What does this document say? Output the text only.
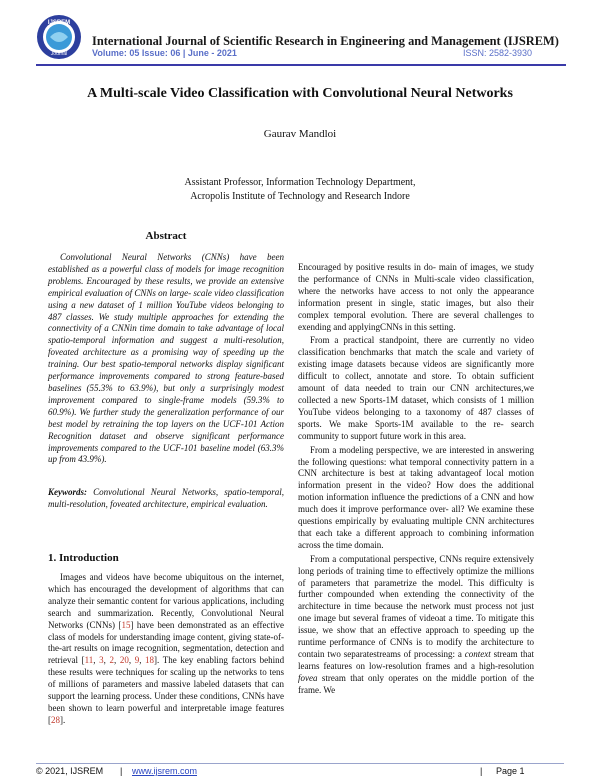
IJSREM
Journal
International Journal of Scientific Research in Engineering and Management (IJSREM)
Volume: 05 Issue: 06 | June - 2021	ISSN: 2582-3930
A Multi-scale Video Classification with Convolutional Neural Networks
Gaurav Mandloi
Assistant Professor, Information Technology Department,
Acropolis Institute of Technology and Research Indore
Abstract
Convolutional Neural Networks (CNNs) have been established as a powerful class of models for image recognition problems. Encouraged by these results, we provide an extensive empirical evaluation of CNNs on large- scale video classification using a new dataset of 1 million YouTube videos belonging to 487 classes. We study multiple approaches for extending the connectivity of a CNNin time domain to take advantage of local spatio-temporal information and suggest a multi-resolution, foveated architecture as a promising way of speeding up the training. Our best spatio-temporal networks display significant performance improvements compared to strong feature-based baselines (55.3% to 63.9%), but only a surprisingly modest improvement compared to single-frame models (59.3% to 60.9%). We further study the generalization performance of our best model by retraining the top layers on the UCF-101 Action Recognition dataset and observe significant performance improvements compared to the UCF-101 baseline model (63.3% up from 43.9%).
Keywords: Convolutional Neural Networks, spatio-temporal, multi-resolution, foveated architecture, empirical evaluation.
1. Introduction
Images and videos have become ubiquitous on the internet, which has encouraged the development of algorithms that can analyze their semantic content for various applications, including search and summarization. Recently, Convolutional Neural Networks (CNNs) [15] have been demonstrated as an effective class of models for understanding image content, giving state-of-the-art results on image recognition, segmentation, detection and retrieval [11, 3, 2, 20, 9, 18]. The key enabling factors behind these results were techniques for scaling up the networks to tens of millions of parameters and massive labeled datasets that can support the learning process. Under these conditions, CNNs have been shown to learn powerful and interpretable image features [28].

Encouraged by positive results in do- main of images, we study the performance of CNNs in Multi-scale video classification, where the networks have access to not only the appearance information present in single, static images, but also their complex temporal evolution. There are several challenges to exending and applyingCNNs in this setting.

From a practical standpoint, there are currently no video classification benchmarks that match the scale and variety of existing image datasets because videos are significantly more difficult to collect, annotate and store. To obtain sufficient amount of data needed to train our CNN architectures,we collected a new Sports-1M dataset, which consists of 1 million YouTube videos belonging to a taxonomy of 487 classes of sports. We make Sports-1M available to the re- search community to support future work in this area.

From a modeling perspective, we are interested in answering the following questions: what temporal connectivity pattern in a CNN architecture is best at taking advantageof local motion information present in the video? How does the additional motion information influence the predictions of a CNN and how much does it improve performance over- all? We examine these questions empirically by evaluating multiple CNN architectures that each take a different approach to combining information across the time domain.

From a computational perspective, CNNs require extensively long periods of training time to effectively optimize the millions of parameters that parametrize the model. This difficulty is further compounded when extending the connectivity of the architecture in time because the network must process not just one image but several frames of videoat a time. To mitigate this issue, we show that an effective approach to speeding up the runtime performance of CNNs is to modify the architecture to contain two separatestreams of processing: a context stream that learns features on low-resolution frames and a high-resolution fovea stream that only operates on the middle portion of the frame. We

© 2021, IJSREM | www.ijsrem.com	| Page 1
